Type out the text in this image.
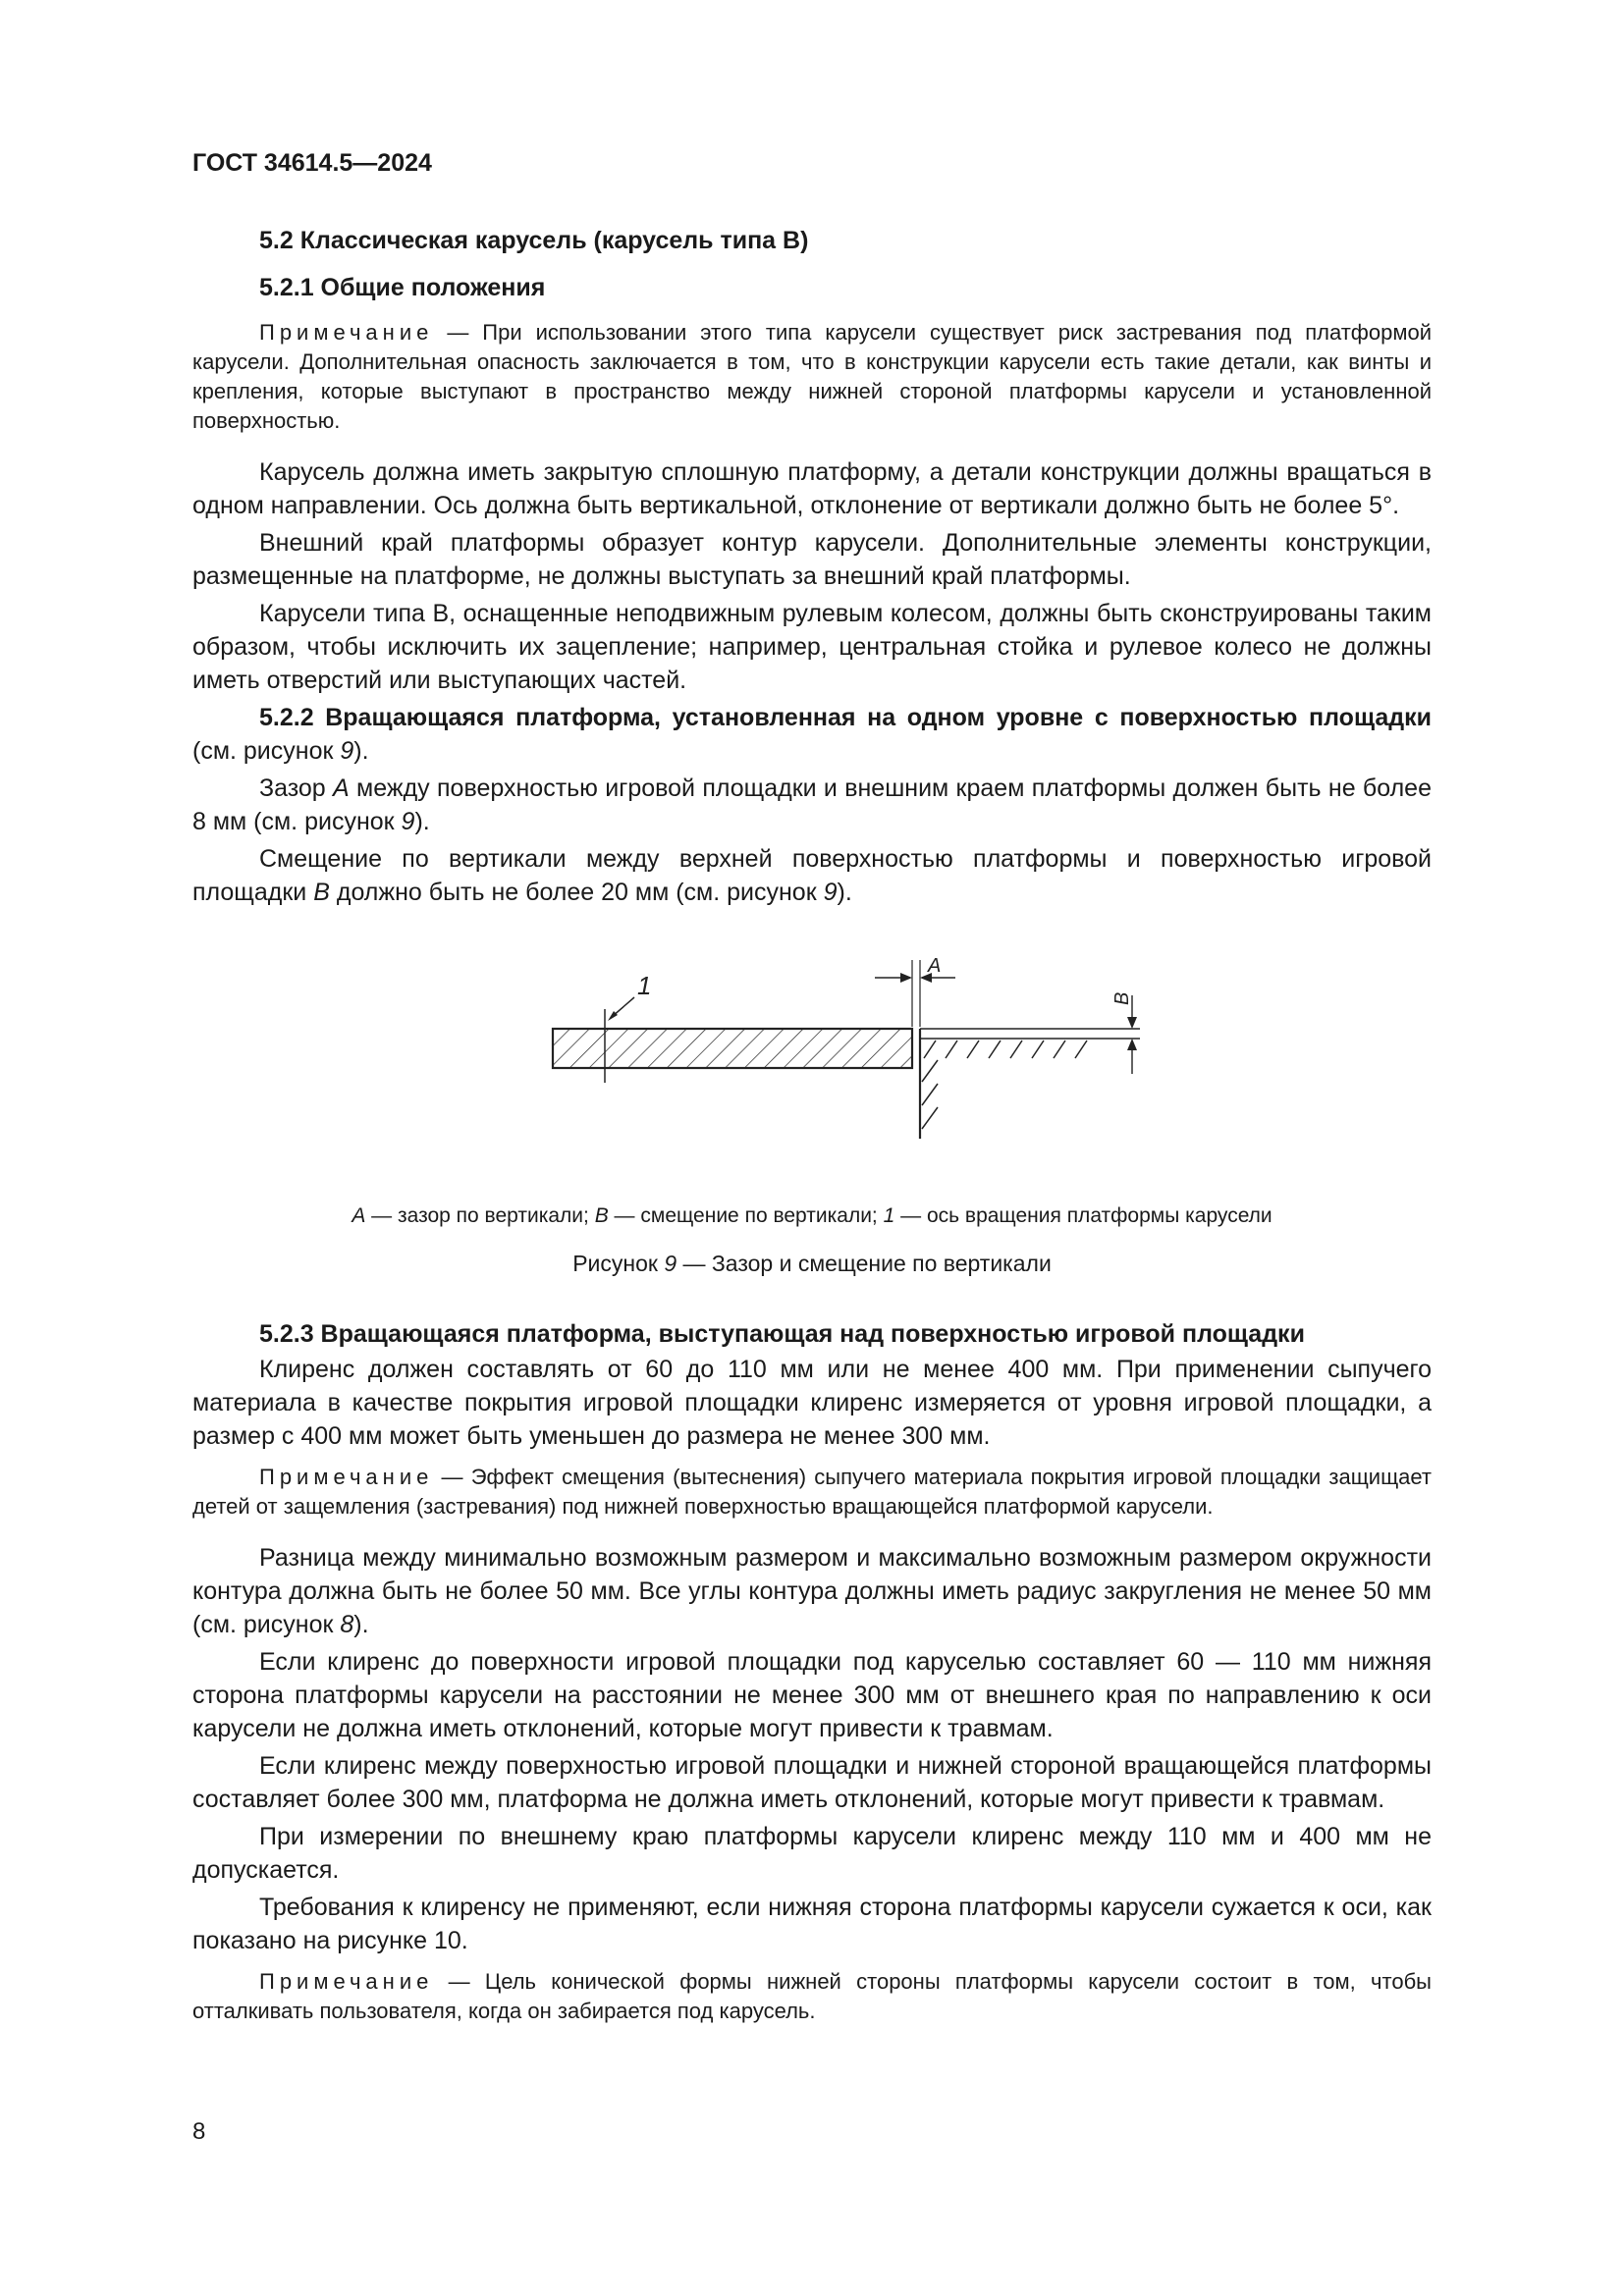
ГОСТ 34614.5—2024
5.2 Классическая карусель (карусель типа B)
5.2.1 Общие положения
Примечание — При использовании этого типа карусели существует риск застревания под платформой карусели. Дополнительная опасность заключается в том, что в конструкции карусели есть такие детали, как винты и крепления, которые выступают в пространство между нижней стороной платформы карусели и установленной поверхностью.
Карусель должна иметь закрытую сплошную платформу, а детали конструкции должны вращаться в одном направлении. Ось должна быть вертикальной, отклонение от вертикали должно быть не более 5°.
Внешний край платформы образует контур карусели. Дополнительные элементы конструкции, размещенные на платформе, не должны выступать за внешний край платформы.
Карусели типа B, оснащенные неподвижным рулевым колесом, должны быть сконструированы таким образом, чтобы исключить их зацепление; например, центральная стойка и рулевое колесо не должны иметь отверстий или выступающих частей.
5.2.2 Вращающаяся платформа, установленная на одном уровне с поверхностью площадки (см. рисунок 9).
Зазор A между поверхностью игровой площадки и внешним краем платформы должен быть не более 8 мм (см. рисунок 9).
Смещение по вертикали между верхней поверхностью платформы и поверхностью игровой площадки B должно быть не более 20 мм (см. рисунок 9).
1
A
B
A — зазор по вертикали; B — смещение по вертикали; 1 — ось вращения платформы карусели
Рисунок 9 — Зазор и смещение по вертикали
5.2.3 Вращающаяся платформа, выступающая над поверхностью игровой площадки
Клиренс должен составлять от 60 до 110 мм или не менее 400 мм. При применении сыпучего материала в качестве покрытия игровой площадки клиренс измеряется от уровня игровой площадки, а размер с 400 мм может быть уменьшен до размера не менее 300 мм.
Примечание — Эффект смещения (вытеснения) сыпучего материала покрытия игровой площадки защищает детей от защемления (застревания) под нижней поверхностью вращающейся платформой карусели.
Разница между минимально возможным размером и максимально возможным размером окружности контура должна быть не более 50 мм. Все углы контура должны иметь радиус закругления не менее 50 мм (см. рисунок 8).
Если клиренс до поверхности игровой площадки под каруселью составляет 60 — 110 мм нижняя сторона платформы карусели на расстоянии не менее 300 мм от внешнего края по направлению к оси карусели не должна иметь отклонений, которые могут привести к травмам.
Если клиренс между поверхностью игровой площадки и нижней стороной вращающейся платформы составляет более 300 мм, платформа не должна иметь отклонений, которые могут привести к травмам.
При измерении по внешнему краю платформы карусели клиренс между 110 мм и 400 мм не допускается.
Требования к клиренсу не применяют, если нижняя сторона платформы карусели сужается к оси, как показано на рисунке 10.
Примечание — Цель конической формы нижней стороны платформы карусели состоит в том, чтобы отталкивать пользователя, когда он забирается под карусель.
8
